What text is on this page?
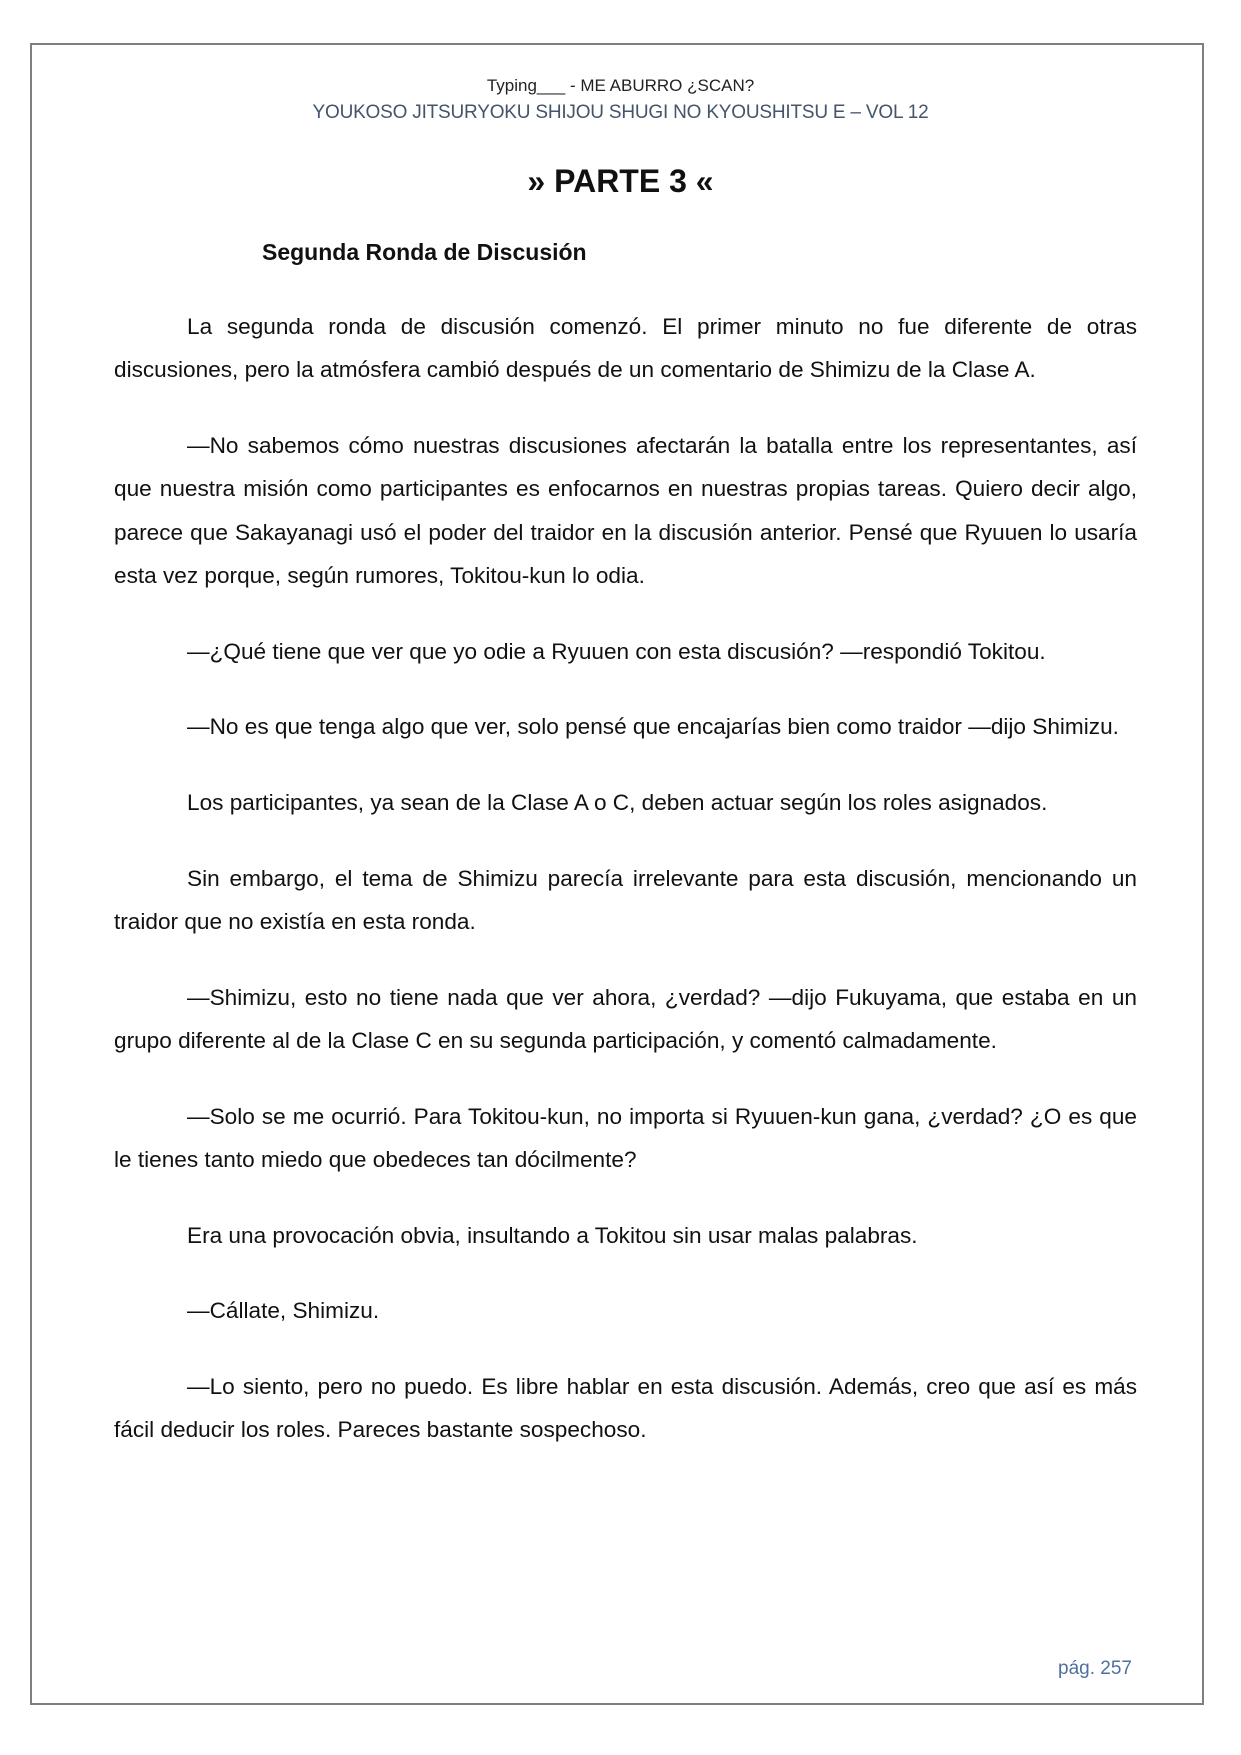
Typing___ - ME ABURRO ¿SCAN?
YOUKOSO JITSURYOKU SHIJOU SHUGI NO KYOUSHITSU E – VOL 12
» PARTE 3 «
Segunda Ronda de Discusión

La segunda ronda de discusión comenzó. El primer minuto no fue diferente de otras discusiones, pero la atmósfera cambió después de un comentario de Shimizu de la Clase A.

—No sabemos cómo nuestras discusiones afectarán la batalla entre los representantes, así que nuestra misión como participantes es enfocarnos en nuestras propias tareas. Quiero decir algo, parece que Sakayanagi usó el poder del traidor en la discusión anterior. Pensé que Ryuuen lo usaría esta vez porque, según rumores, Tokitou-kun lo odia.

—¿Qué tiene que ver que yo odie a Ryuuen con esta discusión? —respondió Tokitou.

—No es que tenga algo que ver, solo pensé que encajarías bien como traidor —dijo Shimizu.

Los participantes, ya sean de la Clase A o C, deben actuar según los roles asignados.

Sin embargo, el tema de Shimizu parecía irrelevante para esta discusión, mencionando un traidor que no existía en esta ronda.

—Shimizu, esto no tiene nada que ver ahora, ¿verdad? —dijo Fukuyama, que estaba en un grupo diferente al de la Clase C en su segunda participación, y comentó calmadamente.

—Solo se me ocurrió. Para Tokitou-kun, no importa si Ryuuen-kun gana, ¿verdad? ¿O es que le tienes tanto miedo que obedeces tan dócilmente?

Era una provocación obvia, insultando a Tokitou sin usar malas palabras.

—Cállate, Shimizu.

—Lo siento, pero no puedo. Es libre hablar en esta discusión. Además, creo que así es más fácil deducir los roles. Pareces bastante sospechoso.

pág. 257
